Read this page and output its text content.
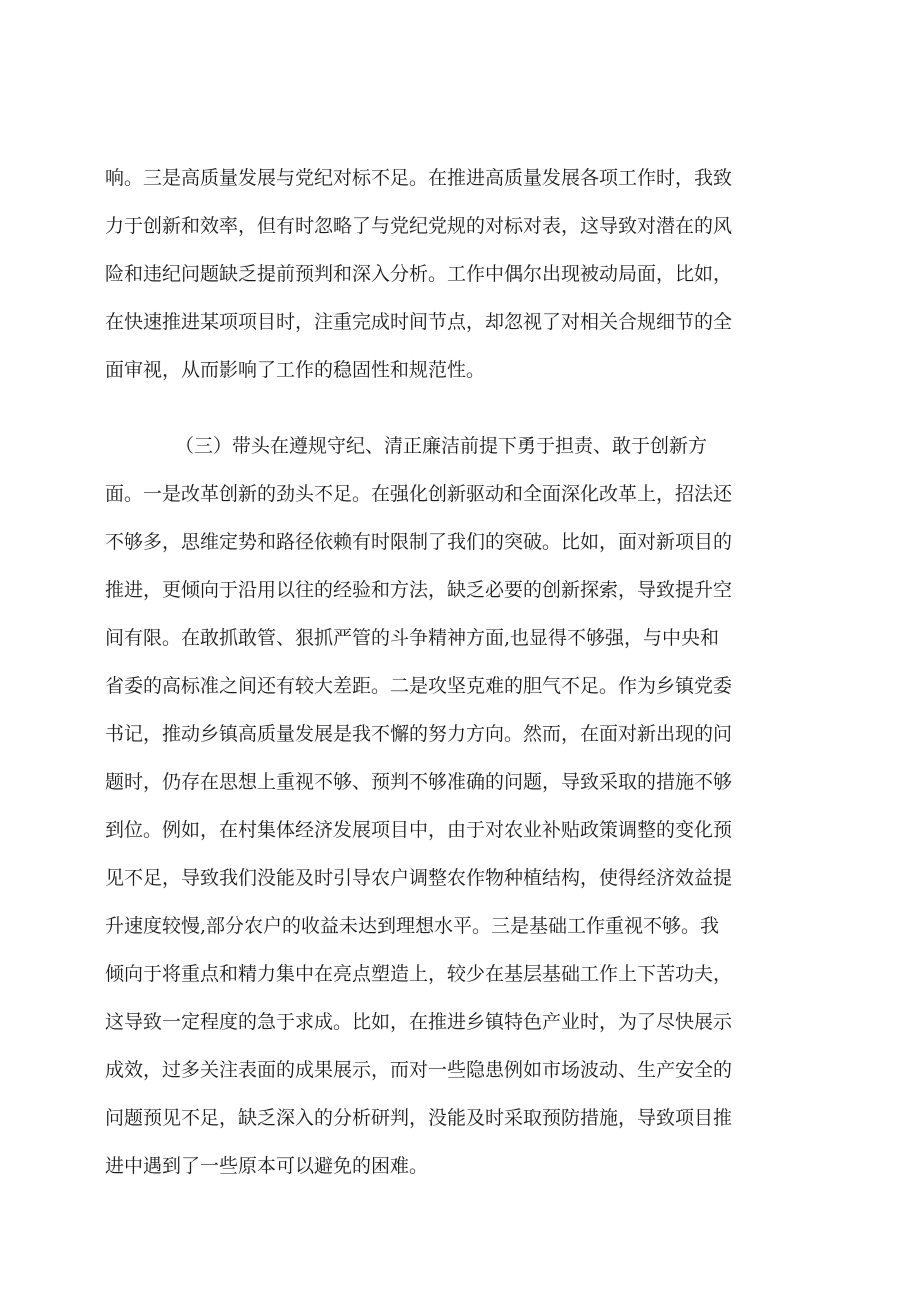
响。三是高质量发展与党纪对标不足。在推进高质量发展各项工作时，我致
力于创新和效率，但有时忽略了与党纪党规的对标对表，这导致对潜在的风
险和违纪问题缺乏提前预判和深入分析。工作中偶尔出现被动局面，比如，
在快速推进某项项目时，注重完成时间节点，却忽视了对相关合规细节的全
面审视，从而影响了工作的稳固性和规范性。
（三）带头在遵规守纪、清正廉洁前提下勇于担责、敢于创新方
面。一是改革创新的劲头不足。在强化创新驱动和全面深化改革上，招法还
不够多，思维定势和路径依赖有时限制了我们的突破。比如，面对新项目的
推进，更倾向于沿用以往的经验和方法，缺乏必要的创新探索，导致提升空
间有限。在敢抓敢管、狠抓严管的斗争精神方面,也显得不够强，与中央和
省委的高标准之间还有较大差距。二是攻坚克难的胆气不足。作为乡镇党委
书记，推动乡镇高质量发展是我不懈的努力方向。然而，在面对新出现的问
题时，仍存在思想上重视不够、预判不够准确的问题，导致采取的措施不够
到位。例如，在村集体经济发展项目中，由于对农业补贴政策调整的变化预
见不足，导致我们没能及时引导农户调整农作物种植结构，使得经济效益提
升速度较慢,部分农户的收益未达到理想水平。三是基础工作重视不够。我
倾向于将重点和精力集中在亮点塑造上，较少在基层基础工作上下苦功夫，
这导致一定程度的急于求成。比如，在推进乡镇特色产业时，为了尽快展示
成效，过多关注表面的成果展示，而对一些隐患例如市场波动、生产安全的
问题预见不足，缺乏深入的分析研判，没能及时采取预防措施，导致项目推
进中遇到了一些原本可以避免的困难。
